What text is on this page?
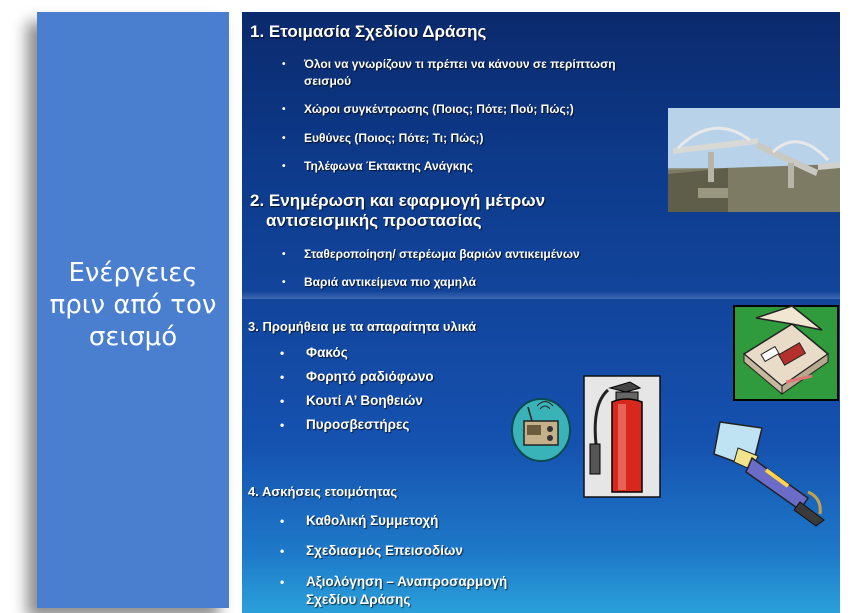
Ενέργειες
πριν από τον
σεισμό
1. Ετοιμασία Σχεδίου Δράσης
• Όλοι να γνωρίζουν τι πρέπει να κάνουν σε περίπτωση
σεισμού
• Χώροι συγκέντρωσης (Ποιος; Πότε; Πού; Πώς;)
• Ευθύνες (Ποιος; Πότε; Τι; Πώς;)
• Τηλέφωνα Έκτακτης Ανάγκης
2. Ενημέρωση και εφαρμογή μέτρων
αντισεισμικής προστασίας
• Σταθεροποίηση/ στερέωμα βαριών αντικειμένων
• Βαριά αντικείμενα πιο χαμηλά
3. Προμήθεια με τα απαραίτητα υλικά
• Φακός
• Φορητό ραδιόφωνο
• Κουτί Α’ Βοηθειών
• Πυροσβεστήρες
4. Ασκήσεις ετοιμότητας
• Καθολική Συμμετοχή
• Σχεδιασμός Επεισοδίων
• Αξιολόγηση – Αναπροσαρμογή
Σχεδίου Δράσης
